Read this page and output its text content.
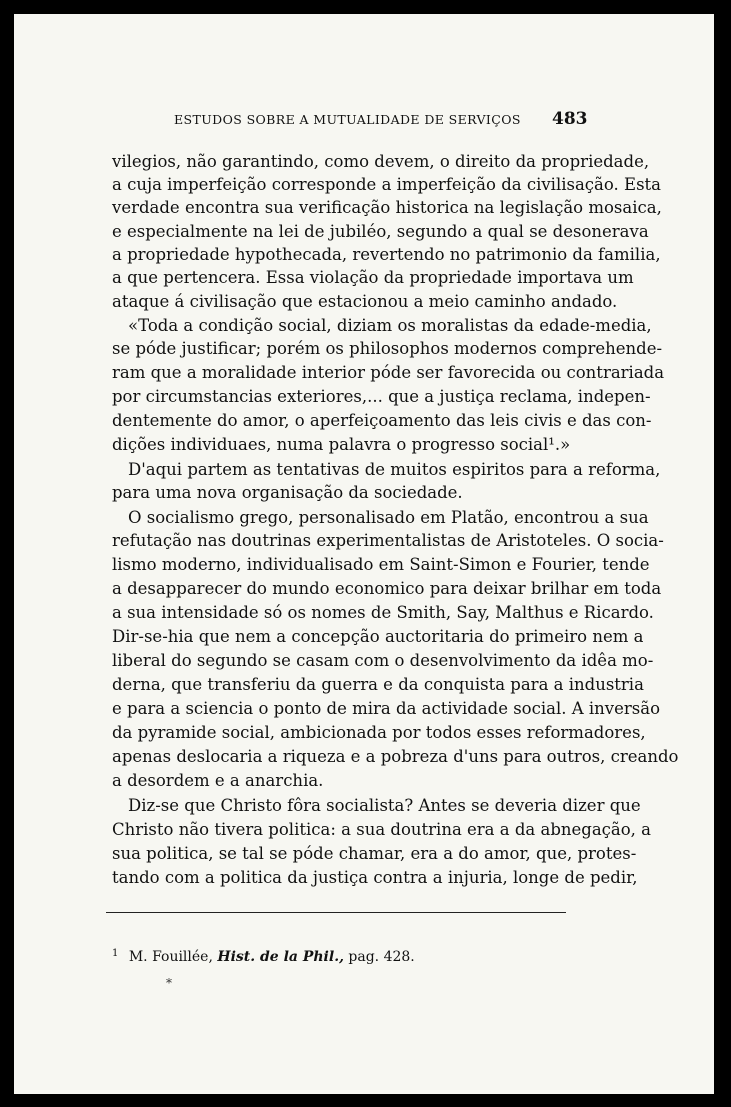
ESTUDOS SOBRE A MUTUALIDADE DE SERVIÇOS	483
vilegios, não garantindo, como devem, o direito da propriedade,
a cuja imperfeição corresponde a imperfeição da civilisação. Esta
verdade encontra sua verificação historica na legislação mosaica,
e especialmente na lei de jubiléo, segundo a qual se desonerava
a propriedade hypothecada, revertendo no patrimonio da familia,
a que pertencera. Essa violação da propriedade importava um
ataque á civilisação que estacionou a meio caminho andado.
«Toda a condição social, diziam os moralistas da edade-media,
se póde justificar; porém os philosophos modernos comprehende-
ram que a moralidade interior póde ser favorecida ou contrariada
por circumstancias exteriores,... que a justiça reclama, indepen-
dentemente do amor, o aperfeiçoamento das leis civis e das con-
dições individuaes, numa palavra o progresso social¹.»
D'aqui partem as tentativas de muitos espiritos para a reforma,
para uma nova organisação da sociedade.
O socialismo grego, personalisado em Platão, encontrou a sua
refutação nas doutrinas experimentalistas de Aristoteles. O socia-
lismo moderno, individualisado em Saint-Simon e Fourier, tende
a desapparecer do mundo economico para deixar brilhar em toda
a sua intensidade só os nomes de Smith, Say, Malthus e Ricardo.
Dir-se-hia que nem a concepção auctoritaria do primeiro nem a
liberal do segundo se casam com o desenvolvimento da idêa mo-
derna, que transferiu da guerra e da conquista para a industria
e para a sciencia o ponto de mira da actividade social. A inversão
da pyramide social, ambicionada por todos esses reformadores,
apenas deslocaria a riqueza e a pobreza d'uns para outros, creando
a desordem e a anarchia.
Diz-se que Christo fôra socialista? Antes se deveria dizer que
Christo não tivera politica: a sua doutrina era a da abnegação, a
sua politica, se tal se póde chamar, era a do amor, que, protes-
tando com a politica da justiça contra a injuria, longe de pedir,
$^1$ M. Fouillée, Hist. de la Phil., pag. 428.
*
